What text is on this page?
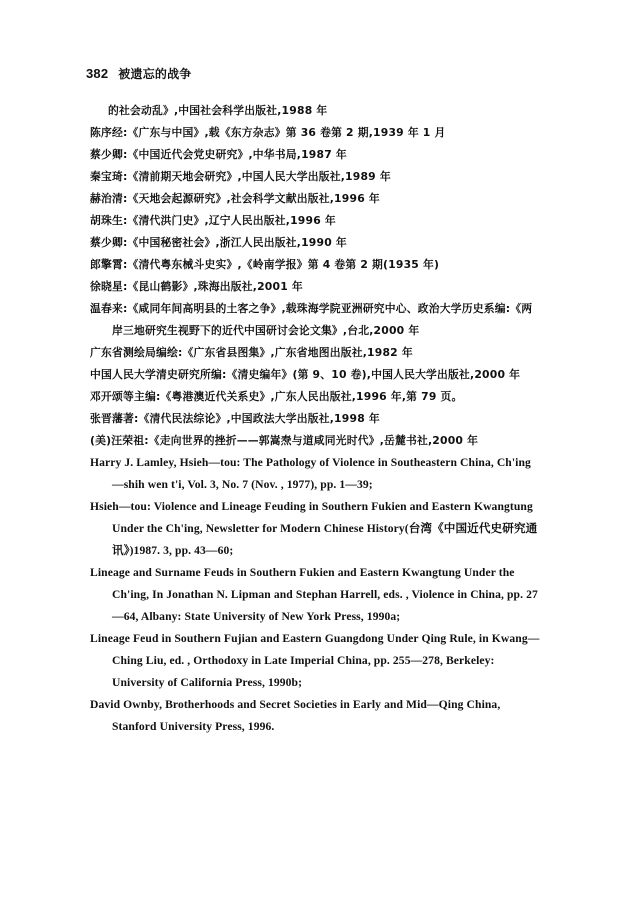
382 被遗忘的战争

的社会动乱》,中国社会科学出版社,1988 年

陈序经:《广东与中国》,载《东方杂志》第 36 卷第 2 期,1939 年 1 月

蔡少卿:《中国近代会党史研究》,中华书局,1987 年

秦宝琦:《清前期天地会研究》,中国人民大学出版社,1989 年

赫治清:《天地会起源研究》,社会科学文献出版社,1996 年

胡珠生:《清代洪门史》,辽宁人民出版社,1996 年

蔡少卿:《中国秘密社会》,浙江人民出版社,1990 年

郎擎霄:《清代粤东械斗史实》,《岭南学报》第 4 卷第 2 期(1935 年)

徐晓星:《昆山鹤影》,珠海出版社,2001 年

温春来:《咸同年间高明县的土客之争》,载珠海学院亚洲研究中心、政治大学历史系编:《两岸三地研究生视野下的近代中国研讨会论文集》,台北,2000 年

广东省测绘局编绘:《广东省县图集》,广东省地图出版社,1982 年

中国人民大学清史研究所编:《清史编年》(第 9、10 卷),中国人民大学出版社,2000 年

邓开颂等主编:《粤港澳近代关系史》,广东人民出版社,1996 年,第 79 页。

张晋藩著:《清代民法综论》,中国政法大学出版社,1998 年

(美)汪荣祖:《走向世界的挫折——郭嵩焘与道咸同光时代》,岳麓书社,2000 年

Harry J. Lamley, Hsieh—tou: The Pathology of Violence in Southeastern China, Ch'ing—shih wen t'i, Vol. 3, No. 7 (Nov. , 1977), pp. 1—39;

Hsieh—tou: Violence and Lineage Feuding in Southern Fukien and Eastern Kwangtung Under the Ch'ing, Newsletter for Modern Chinese History(台湾《中国近代史研究通讯》)1987. 3, pp. 43—60;

Lineage and Surname Feuds in Southern Fukien and Eastern Kwangtung Under the Ch'ing, In Jonathan N. Lipman and Stephan Harrell, eds. , Violence in China, pp. 27—64, Albany: State University of New York Press, 1990a;

Lineage Feud in Southern Fujian and Eastern Guangdong Under Qing Rule, in Kwang—Ching Liu, ed. , Orthodoxy in Late Imperial China, pp. 255—278, Berkeley: University of California Press, 1990b;

David Ownby, Brotherhoods and Secret Societies in Early and Mid—Qing China, Stanford University Press, 1996.
